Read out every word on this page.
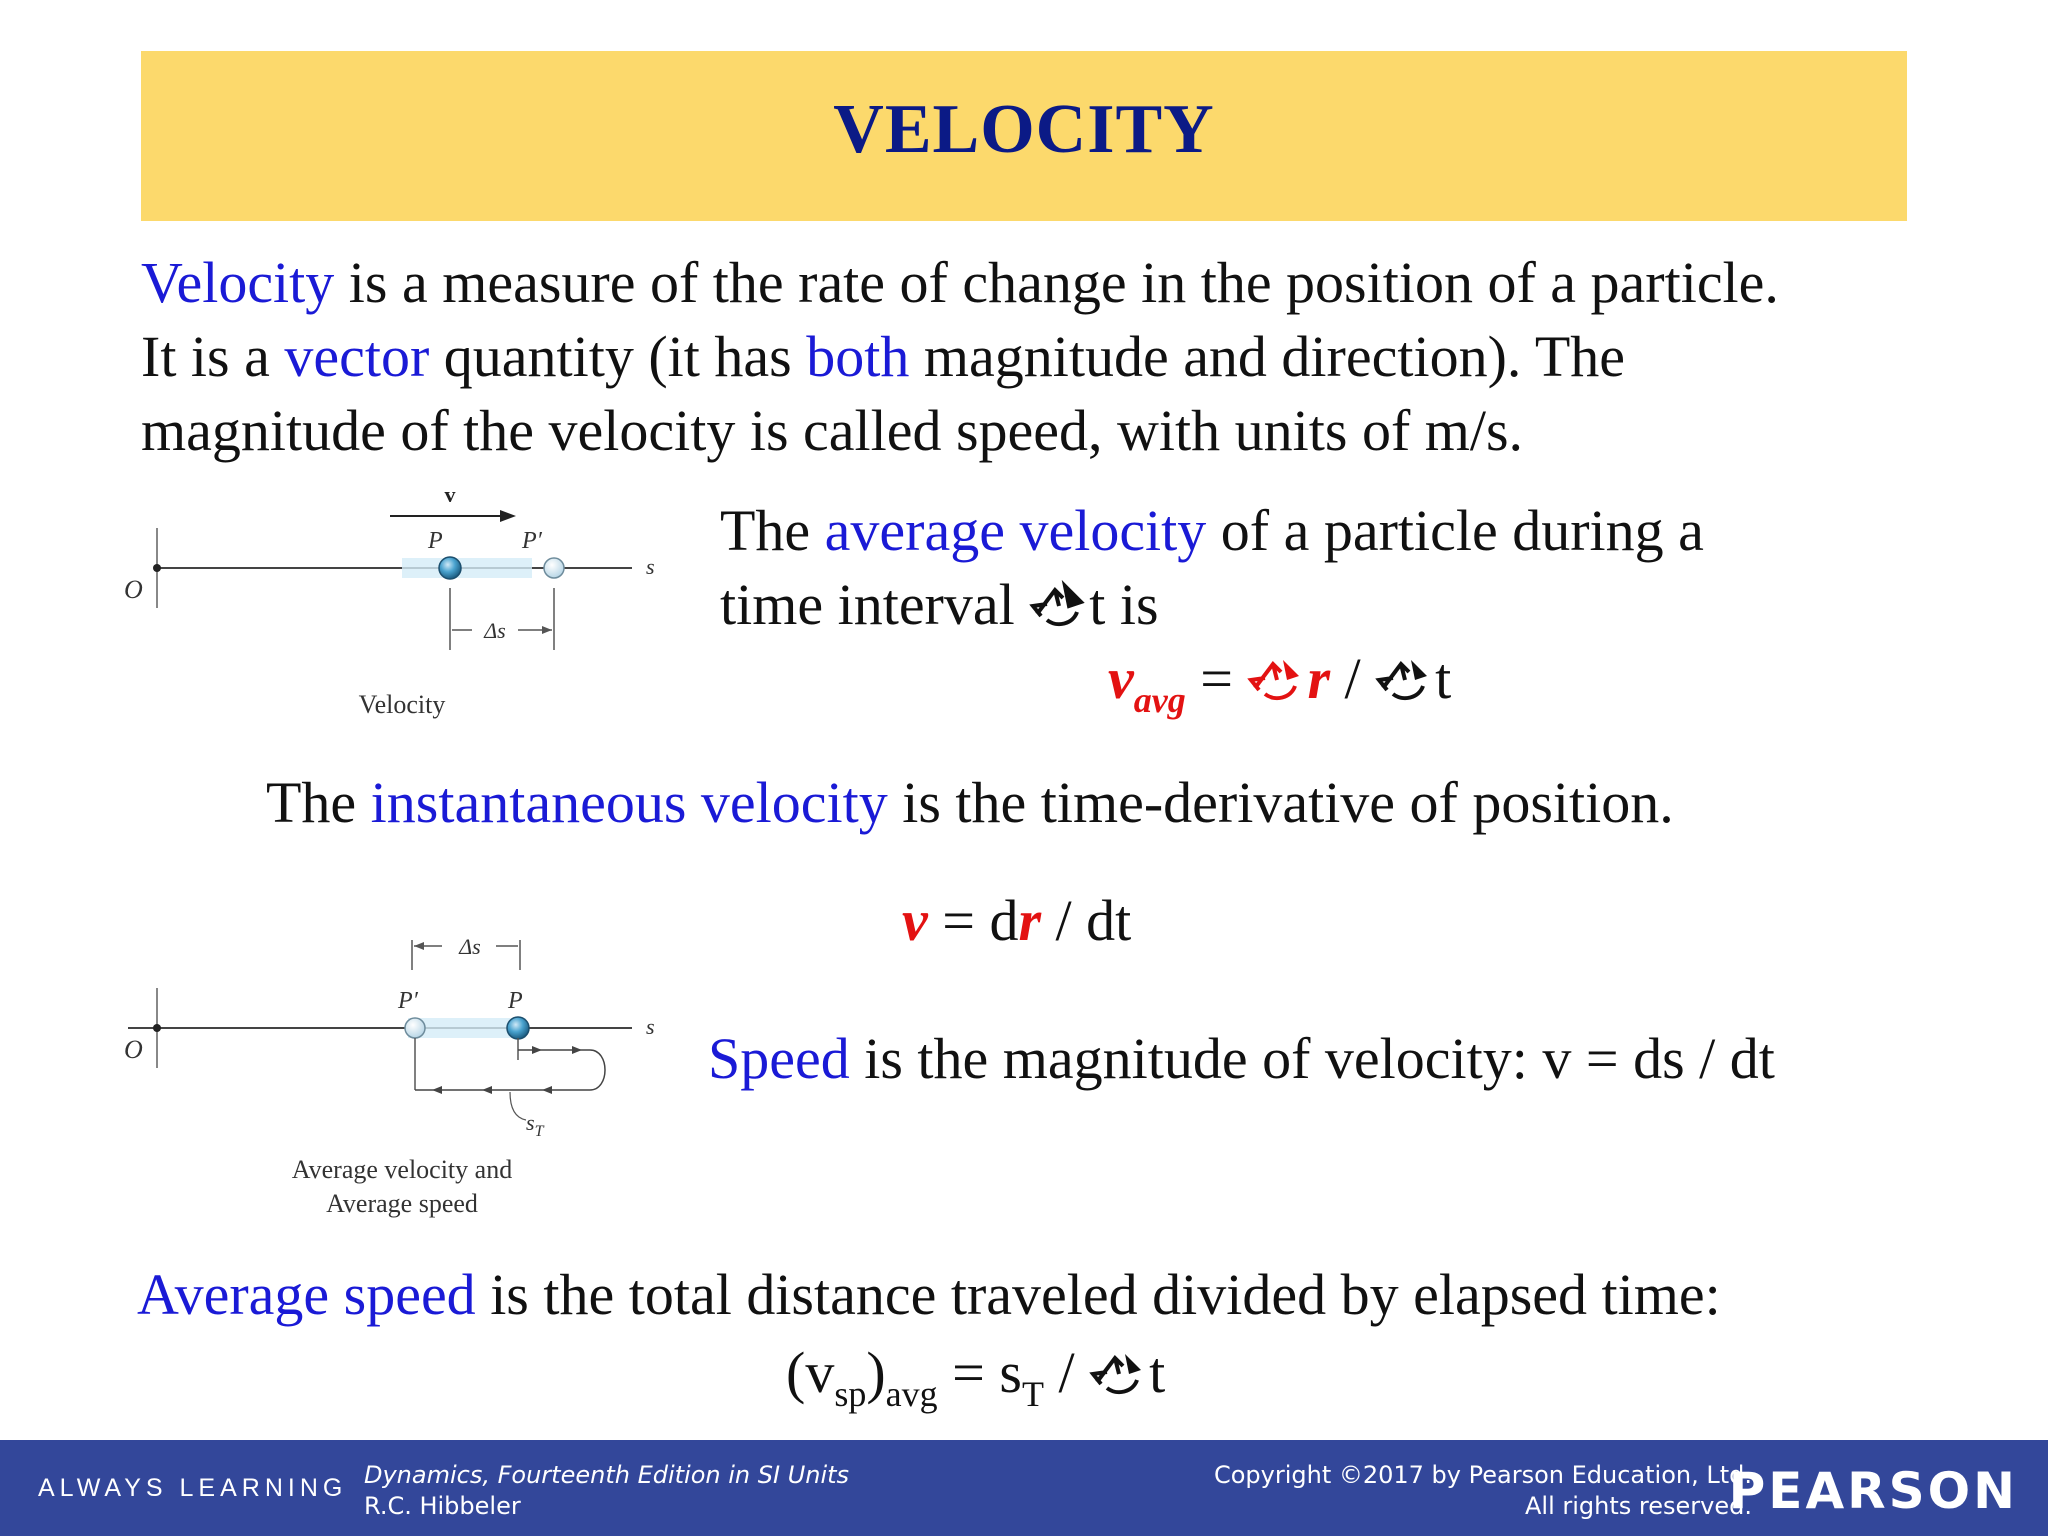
VELOCITY
Velocity is a measure of the rate of change in the position of a particle.
It is a vector quantity (it has both magnitude and direction). The
magnitude of the velocity is called speed, with units of m/s.
v
P	P′
s
O
Δs
Velocity
The average velocity of a particle during a
time interval t is
$v_{avg} = r / t$
The instantaneous velocity is the time-derivative of position.
v = dr / dt
Δs
P′	P
s
O
$s_T$
Average velocity and
Average speed
Speed is the magnitude of velocity: v = ds / dt
Average speed is the total distance traveled divided by elapsed time:
$(v_{sp})_{avg} = s_T / t$
ALWAYS LEARNING Dynamics, Fourteenth Edition in SI Units
R.C. Hibbeler
Copyright ©2017 by Pearson Education, Ltd.
All rights reserved.
PEARSON
